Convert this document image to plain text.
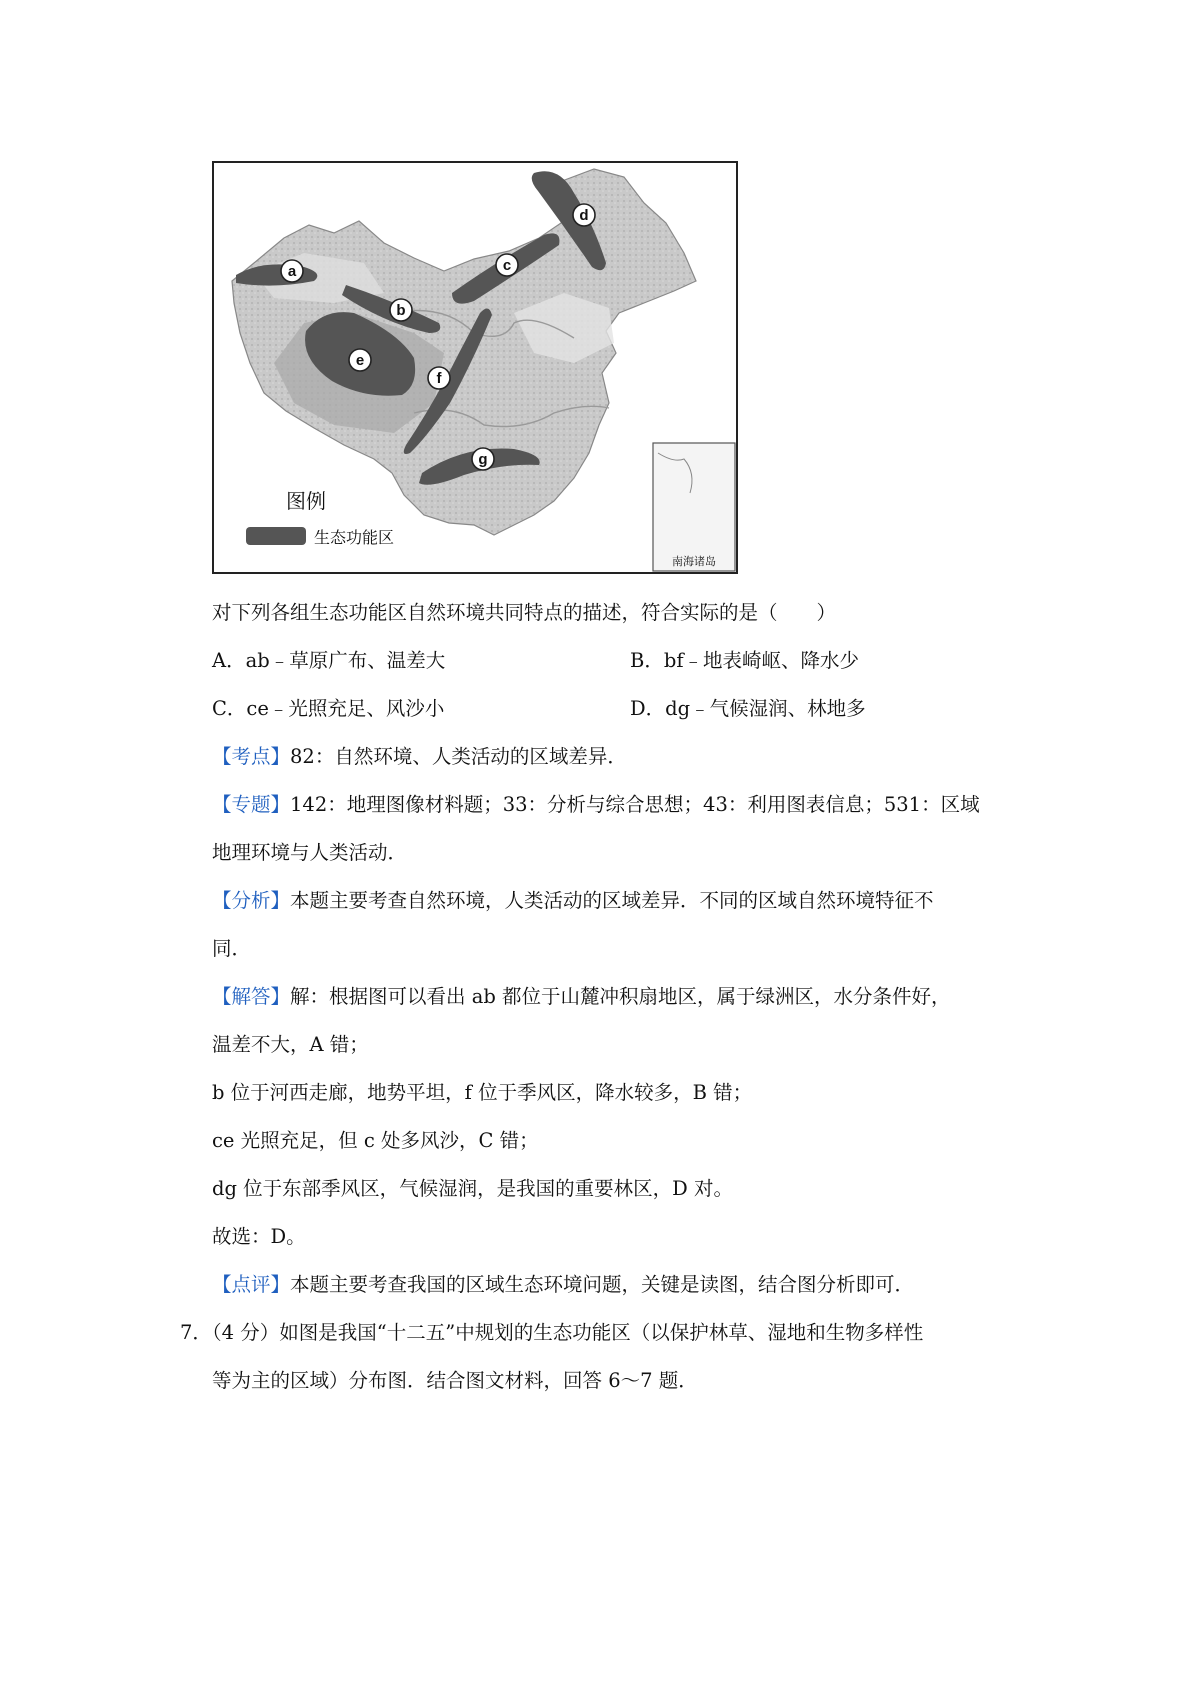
a
b
c
d
e
f
g
图例
生态功能区
南海诸岛
对下列各组生态功能区自然环境共同特点的描述，符合实际的是（　　）
A．ab﹣草原广布、温差大	B．bf﹣地表崎岖、降水少
C．ce﹣光照充足、风沙小	D．dg﹣气候湿润、林地多
【考点】82：自然环境、人类活动的区域差异．
【专题】142：地理图像材料题；33：分析与综合思想；43：利用图表信息；531：区域
地理环境与人类活动．
【分析】本题主要考查自然环境，人类活动的区域差异．不同的区域自然环境特征不
同．
【解答】解：根据图可以看出 ab 都位于山麓冲积扇地区，属于绿洲区，水分条件好，
温差不大，A 错；
b 位于河西走廊，地势平坦，f 位于季风区，降水较多，B 错；
ce 光照充足，但 c 处多风沙，C 错；
dg 位于东部季风区，气候湿润，是我国的重要林区，D 对。
故选：D。
【点评】本题主要考查我国的区域生态环境问题，关键是读图，结合图分析即可．
7．（4 分）如图是我国“十二五”中规划的生态功能区（以保护林草、湿地和生物多样性
等为主的区域）分布图．结合图文材料，回答 6～7 题．
